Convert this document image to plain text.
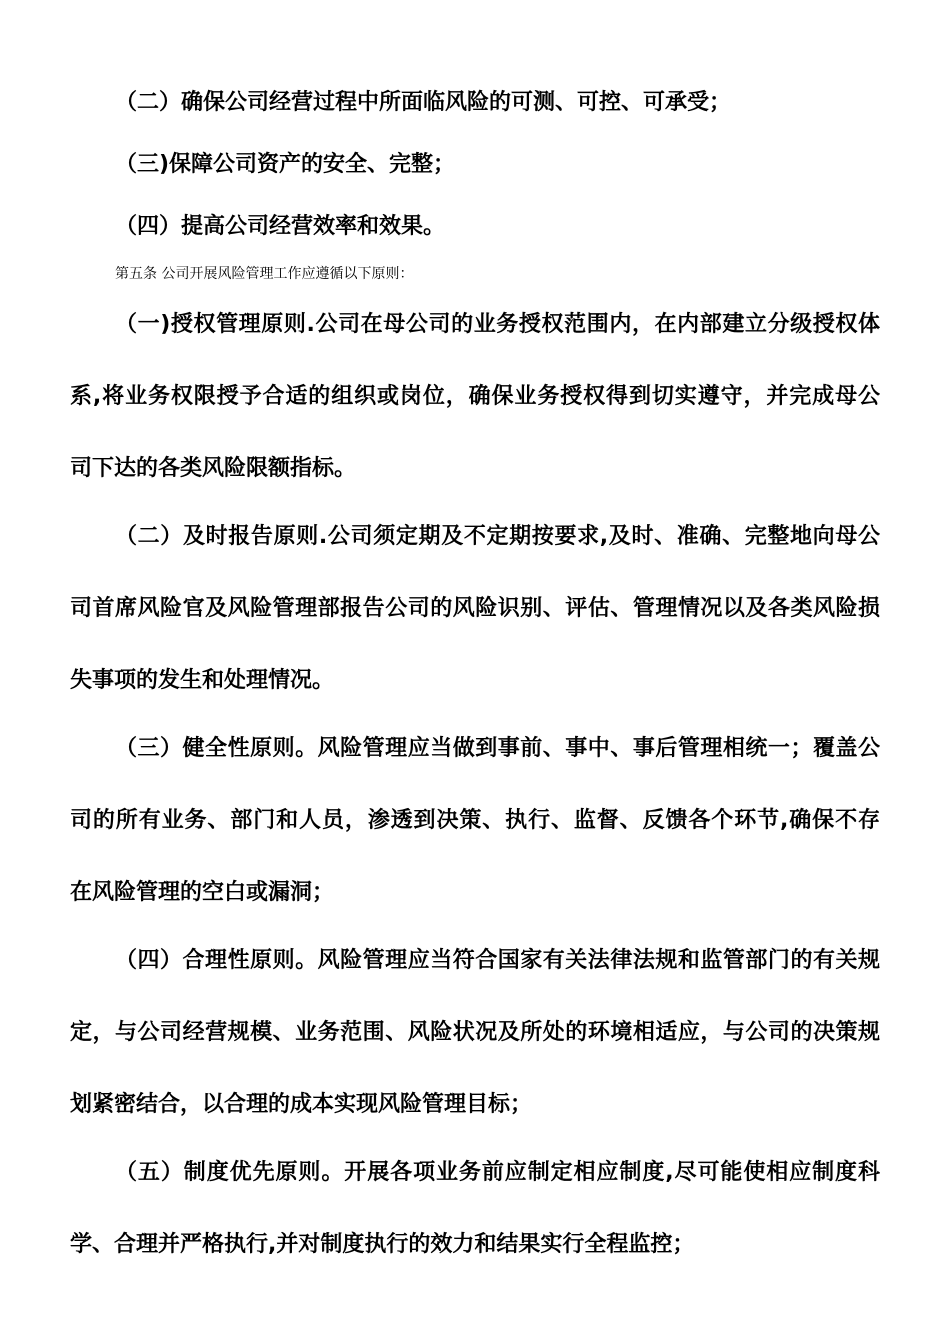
（二）确保公司经营过程中所面临风险的可测、可控、可承受；
（三)保障公司资产的安全、完整；
（四）提高公司经营效率和效果。
第五条 公司开展风险管理工作应遵循以下原则：
（一)授权管理原则.公司在母公司的业务授权范围内，在内部建立分级授权体
系,将业务权限授予合适的组织或岗位，确保业务授权得到切实遵守，并完成母公
司下达的各类风险限额指标。
（二）及时报告原则.公司须定期及不定期按要求,及时、准确、完整地向母公
司首席风险官及风险管理部报告公司的风险识别、评估、管理情况以及各类风险损
失事项的发生和处理情况。
（三）健全性原则。风险管理应当做到事前、事中、事后管理相统一；覆盖公
司的所有业务、部门和人员，渗透到决策、执行、监督、反馈各个环节,确保不存
在风险管理的空白或漏洞；
（四）合理性原则。风险管理应当符合国家有关法律法规和监管部门的有关规
定，与公司经营规模、业务范围、风险状况及所处的环境相适应，与公司的决策规
划紧密结合，以合理的成本实现风险管理目标；
（五）制度优先原则。开展各项业务前应制定相应制度,尽可能使相应制度科
学、合理并严格执行,并对制度执行的效力和结果实行全程监控；
